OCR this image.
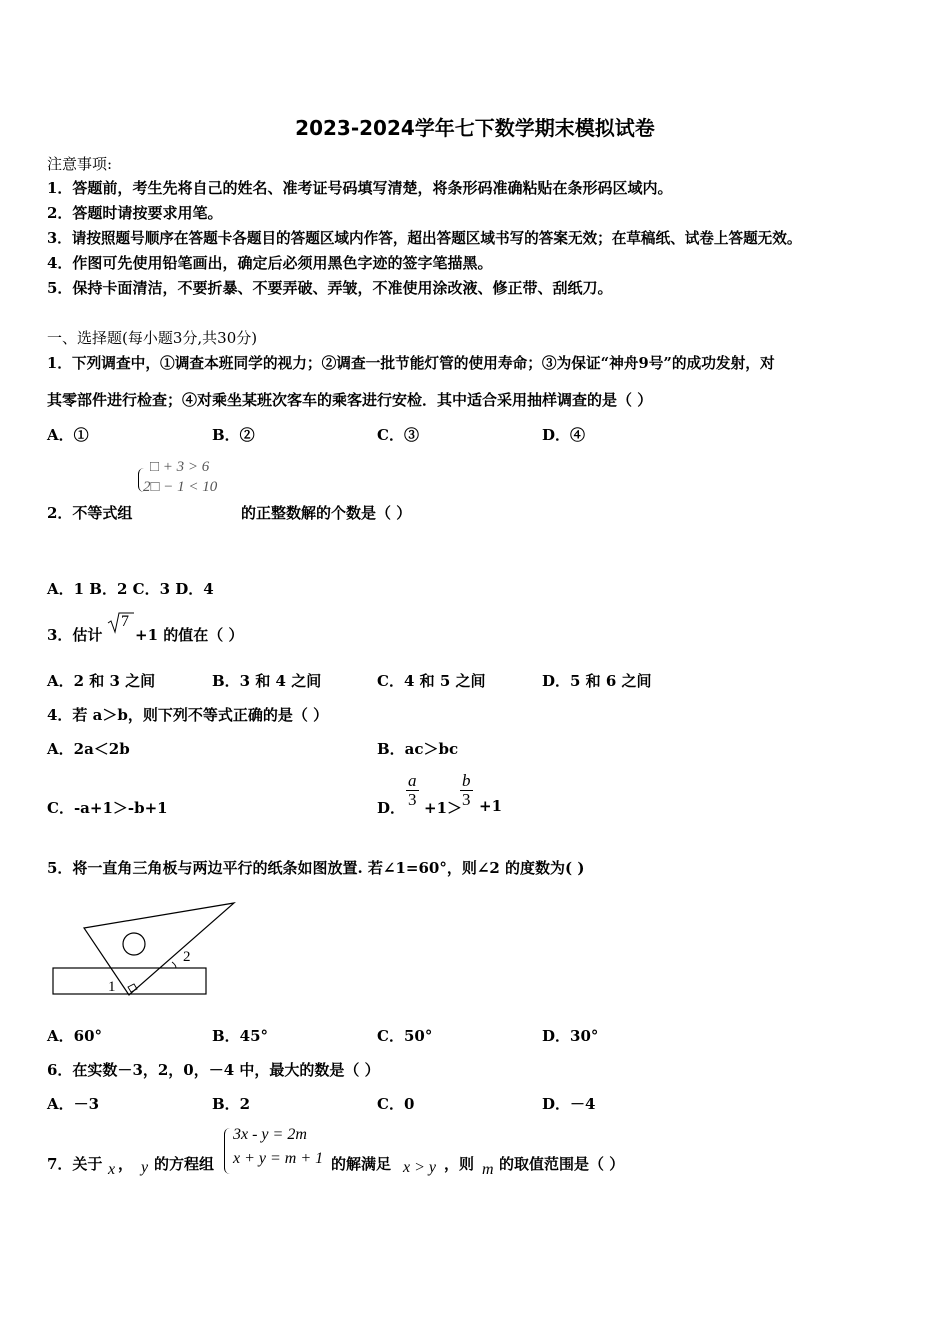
2023-2024学年七下数学期末模拟试卷
注意事项:
1．答题前，考生先将自己的姓名、准考证号码填写清楚，将条形码准确粘贴在条形码区域内。
2．答题时请按要求用笔。
3．请按照题号顺序在答题卡各题目的答题区域内作答，超出答题区域书写的答案无效；在草稿纸、试卷上答题无效。
4．作图可先使用铅笔画出，确定后必须用黑色字迹的签字笔描黑。
5．保持卡面清洁，不要折暴、不要弄破、弄皱，不准使用涂改液、修正带、刮纸刀。
一、选择题(每小题3分,共30分)
1．下列调查中，①调查本班同学的视力；②调查一批节能灯管的使用寿命；③为保证“神舟9号”的成功发射，对
其零部件进行检查；④对乘坐某班次客车的乘客进行安检．其中适合采用抽样调查的是（ ）
A．①	B．②	C．③	D．④
□ + 3 > 6
2□ − 1 < 10
2．不等式组	的正整数解的个数是（ ）
A．1 B．2 C．3 D．4
3．估计
7
+1 的值在（ ）
A．2 和 3 之间	B．3 和 4 之间	C．4 和 5 之间	D．5 和 6 之间
4．若 a＞b，则下列不等式正确的是（ ）
A．2a＜2b	B．ac＞bc
C．-a+1＞-b+1	D． $\frac{a}{3} +1>$
$\frac{b}{3} +1$
5．将一直角三角板与两边平行的纸条如图放置. 若∠1=60°，则∠2 的度数为( )
1
2
A．60°	B．45°	C．50°	D．30°
6．在实数－3，2，0，－4 中，最大的数是（ ）
A．－3	B．2	C．0	D．－4
7．关于 x ， y 的方程组
3x - y = 2m
x + y = m + 1 的解满足 x > y ，则 m 的取值范围是（ ）
